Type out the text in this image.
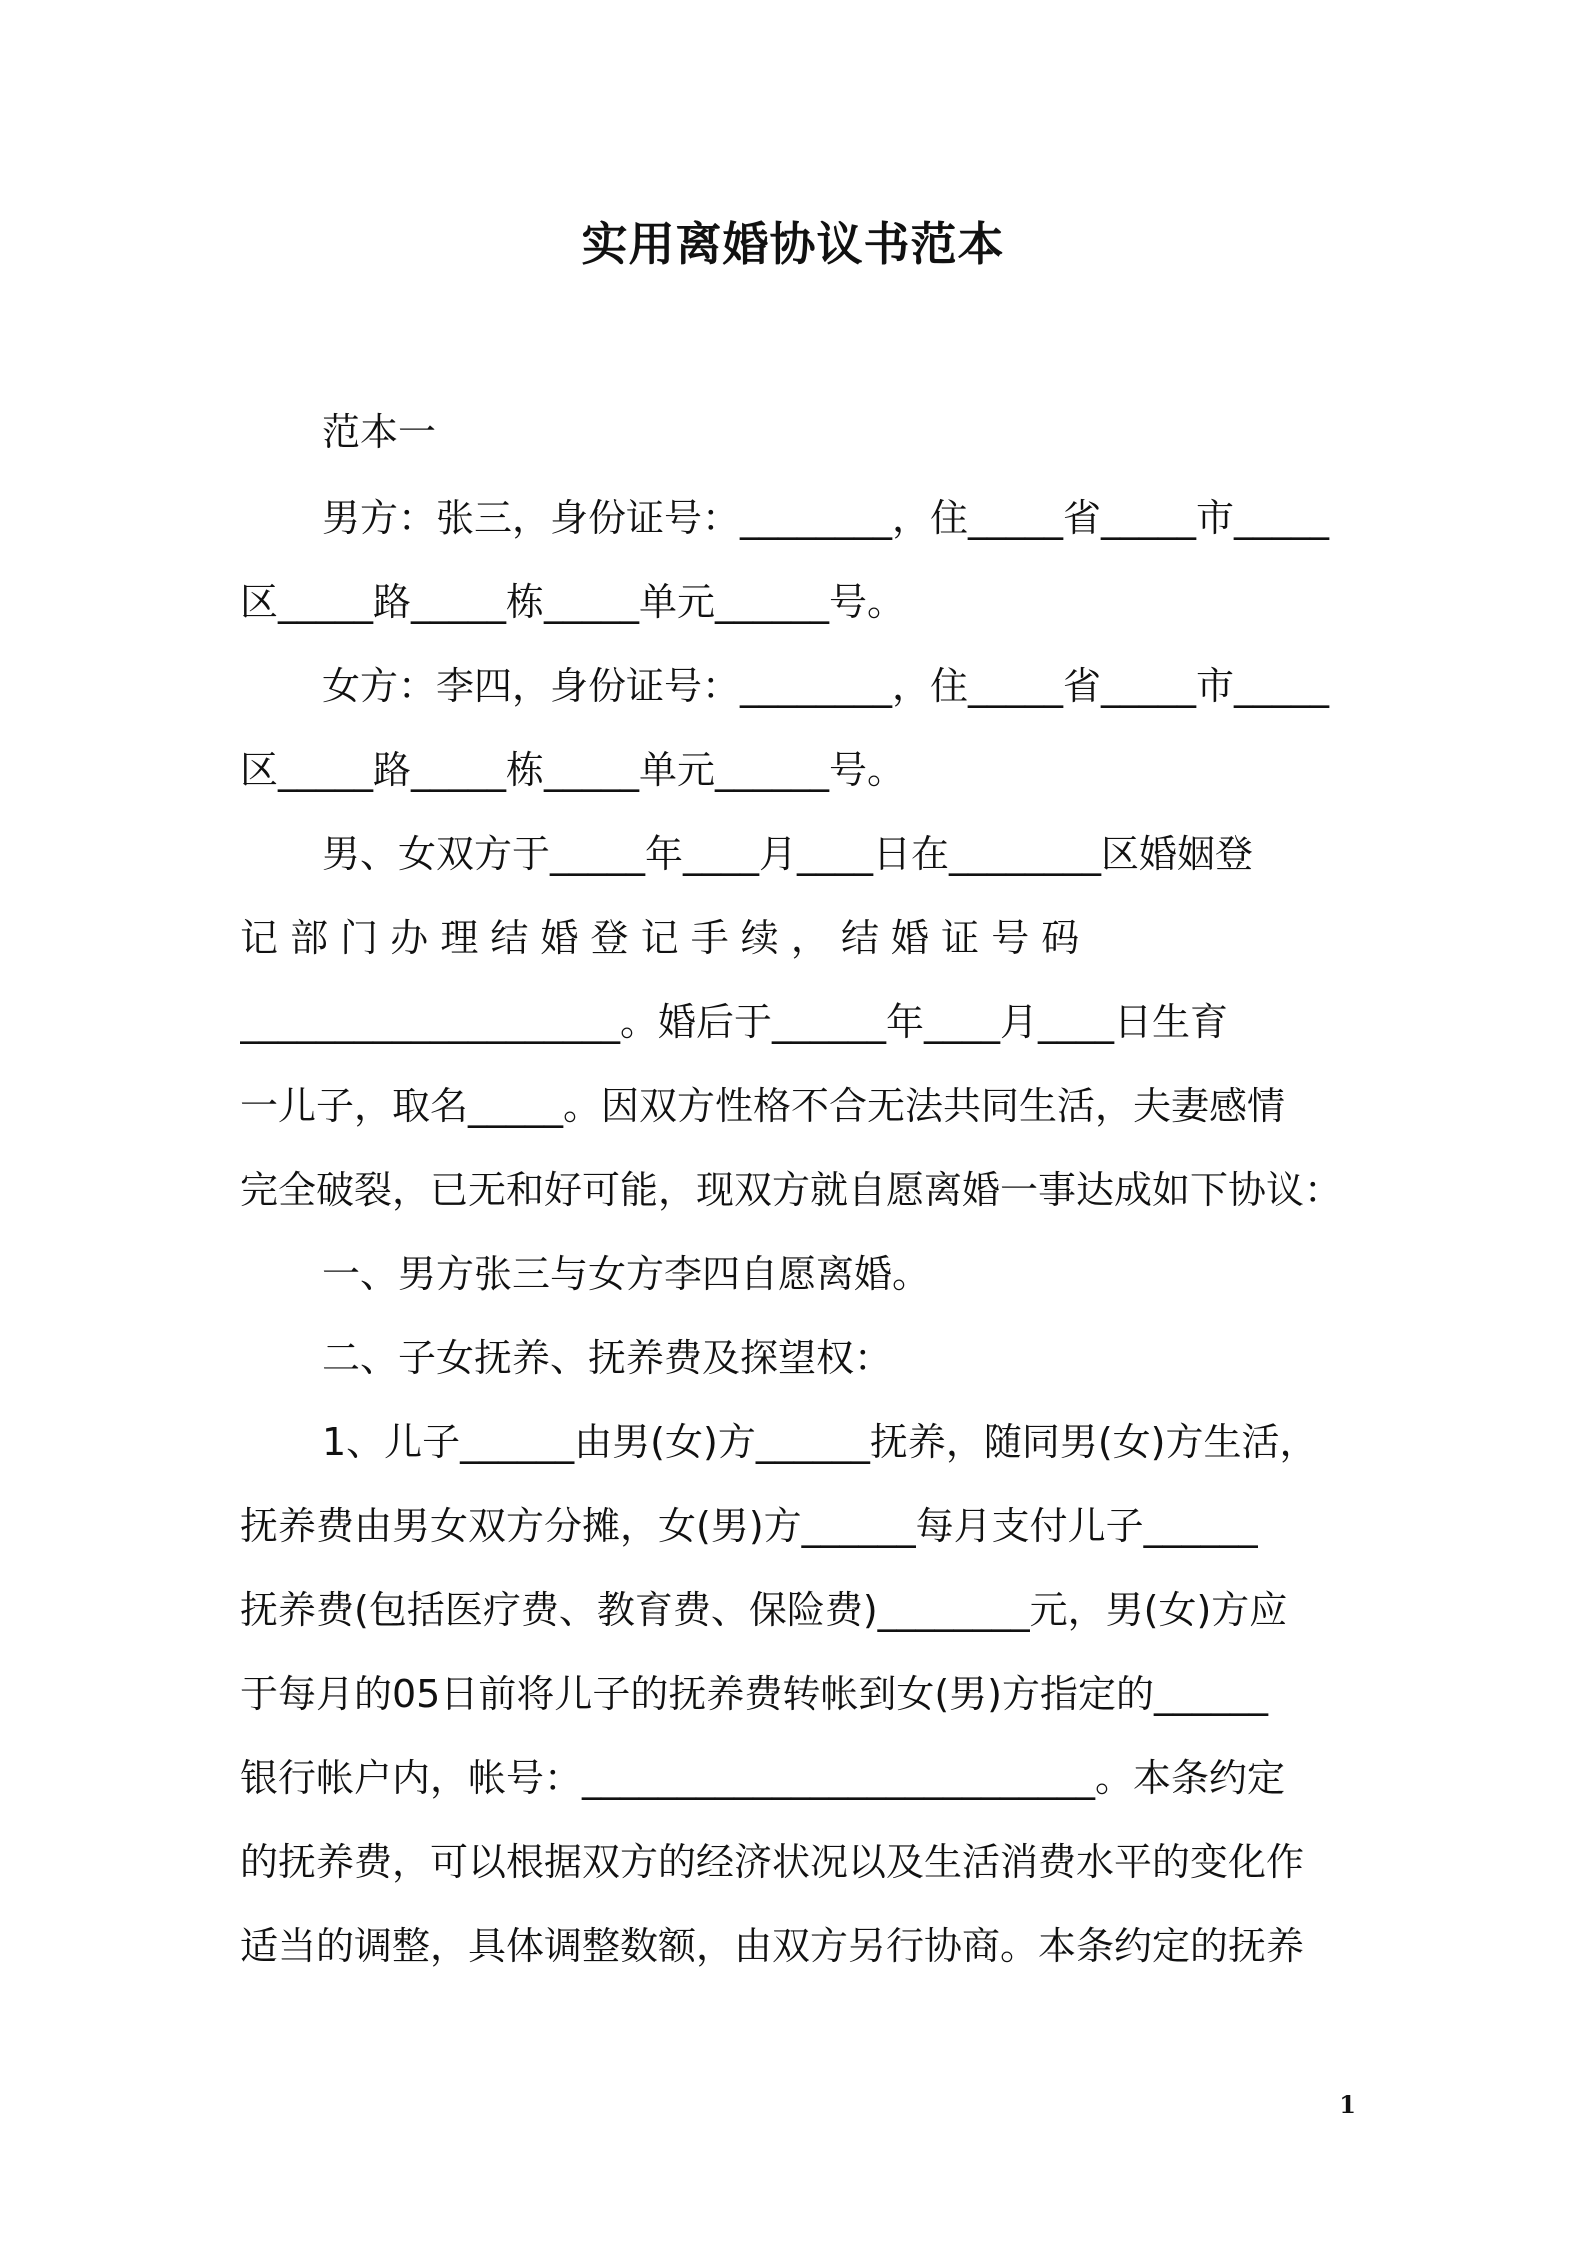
实用离婚协议书范本
范本一
男方：张三，身份证号：________，住_____省_____市_____
区_____路_____栋_____单元______号。
女方：李四，身份证号：________，住_____省_____市_____
区_____路_____栋_____单元______号。
男、女双方于_____年____月____日在________区婚姻登
记 部 门 办 理 结 婚 登 记 手 续 ， 结 婚 证 号 码
____________________。婚后于______年____月____日生育
一儿子，取名_____。因双方性格不合无法共同生活，夫妻感情
完全破裂，已无和好可能，现双方就自愿离婚一事达成如下协议：
一、男方张三与女方李四自愿离婚。
二、子女抚养、抚养费及探望权：
1、儿子______由男(女)方______抚养，随同男(女)方生活，
抚养费由男女双方分摊，女(男)方______每月支付儿子______
抚养费(包括医疗费、教育费、保险费)________元，男(女)方应
于每月的05日前将儿子的抚养费转帐到女(男)方指定的______
银行帐户内，帐号：___________________________。本条约定
的抚养费，可以根据双方的经济状况以及生活消费水平的变化作
适当的调整，具体调整数额，由双方另行协商。本条约定的抚养
1
